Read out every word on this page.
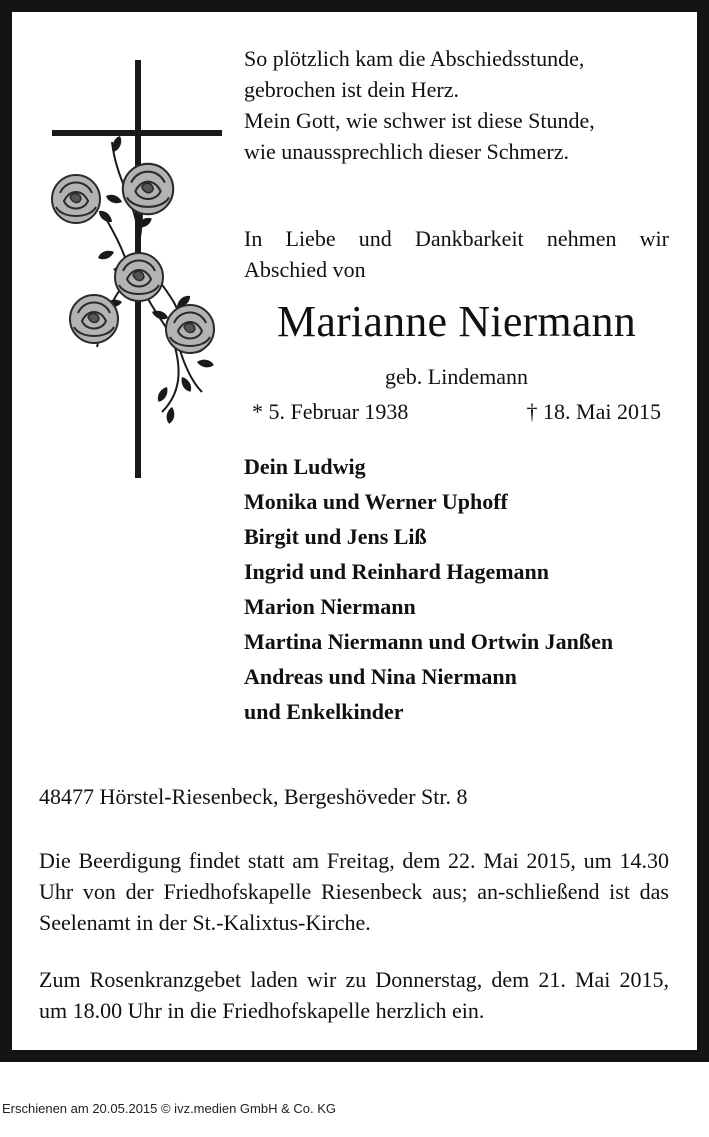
So plötzlich kam die Abschiedsstunde,
gebrochen ist dein Herz.
Mein Gott, wie schwer ist diese Stunde,
wie unaussprechlich dieser Schmerz.
In Liebe und Dankbarkeit nehmen wir
Abschied von
Marianne Niermann
geb. Lindemann
* 5. Februar 1938	† 18. Mai 2015
Dein Ludwig
Monika und Werner Uphoff
Birgit und Jens Liß
Ingrid und Reinhard Hagemann
Marion Niermann
Martina Niermann und Ortwin Janßen
Andreas und Nina Niermann
und Enkelkinder
48477 Hörstel-Riesenbeck, Bergeshöveder Str. 8
Die Beerdigung findet statt am Freitag, dem 22. Mai 2015, um 14.30 Uhr von der Friedhofskapelle Riesenbeck aus; an-schließend ist das Seelenamt in der St.-Kalixtus-Kirche.
Zum Rosenkranzgebet laden wir zu Donnerstag, dem 21. Mai 2015, um 18.00 Uhr in die Friedhofskapelle herzlich ein.
Erschienen am 20.05.2015 © ivz.medien GmbH & Co. KG
